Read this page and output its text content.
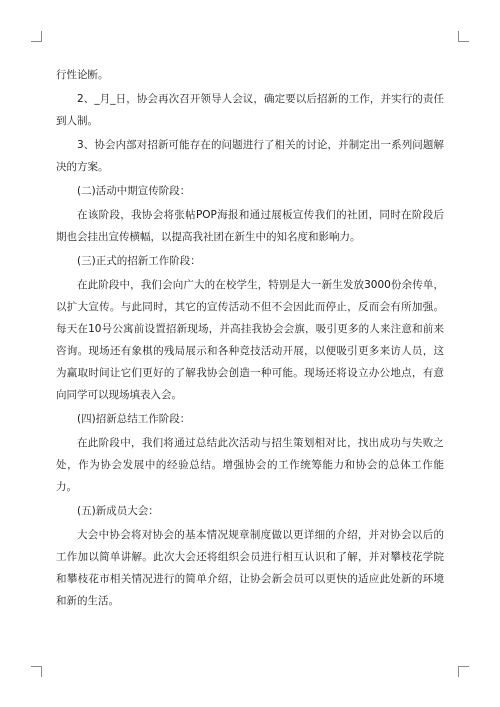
行性论断。

2、_月_日，协会再次召开领导人会议，确定要以后招新的工作，并实行的责任到人制。

3、协会内部对招新可能存在的问题进行了相关的讨论，并制定出一系列问题解决的方案。

(二)活动中期宣传阶段：

在该阶段，我协会将张帖POP海报和通过展板宣传我们的社团，同时在阶段后期也会挂出宣传横幅，以提高我社团在新生中的知名度和影响力。

(三)正式的招新工作阶段：

在此阶段中，我们会向广大的在校学生，特别是大一新生发放3000份余传单，以扩大宣传。与此同时，其它的宣传活动不但不会因此而停止，反而会有所加强。每天在10号公寓前设置招新现场，并高挂我协会会旗，吸引更多的人来注意和前来咨询。现场还有象棋的残局展示和各种竞技活动开展，以便吸引更多来访人员，这为赢取时间让它们更好的了解我协会创造一种可能。现场还将设立办公地点，有意向同学可以现场填表入会。

(四)招新总结工作阶段：

在此阶段中，我们将通过总结此次活动与招生策划相对比，找出成功与失败之处，作为协会发展中的经验总结。增强协会的工作统筹能力和协会的总体工作能力。

(五)新成员大会：

大会中协会将对协会的基本情况规章制度做以更详细的介绍，并对协会以后的工作加以简单讲解。此次大会还将组织会员进行相互认识和了解，并对攀枝花学院和攀枝花市相关情况进行的简单介绍，让协会新会员可以更快的适应此处新的环境和新的生活。
